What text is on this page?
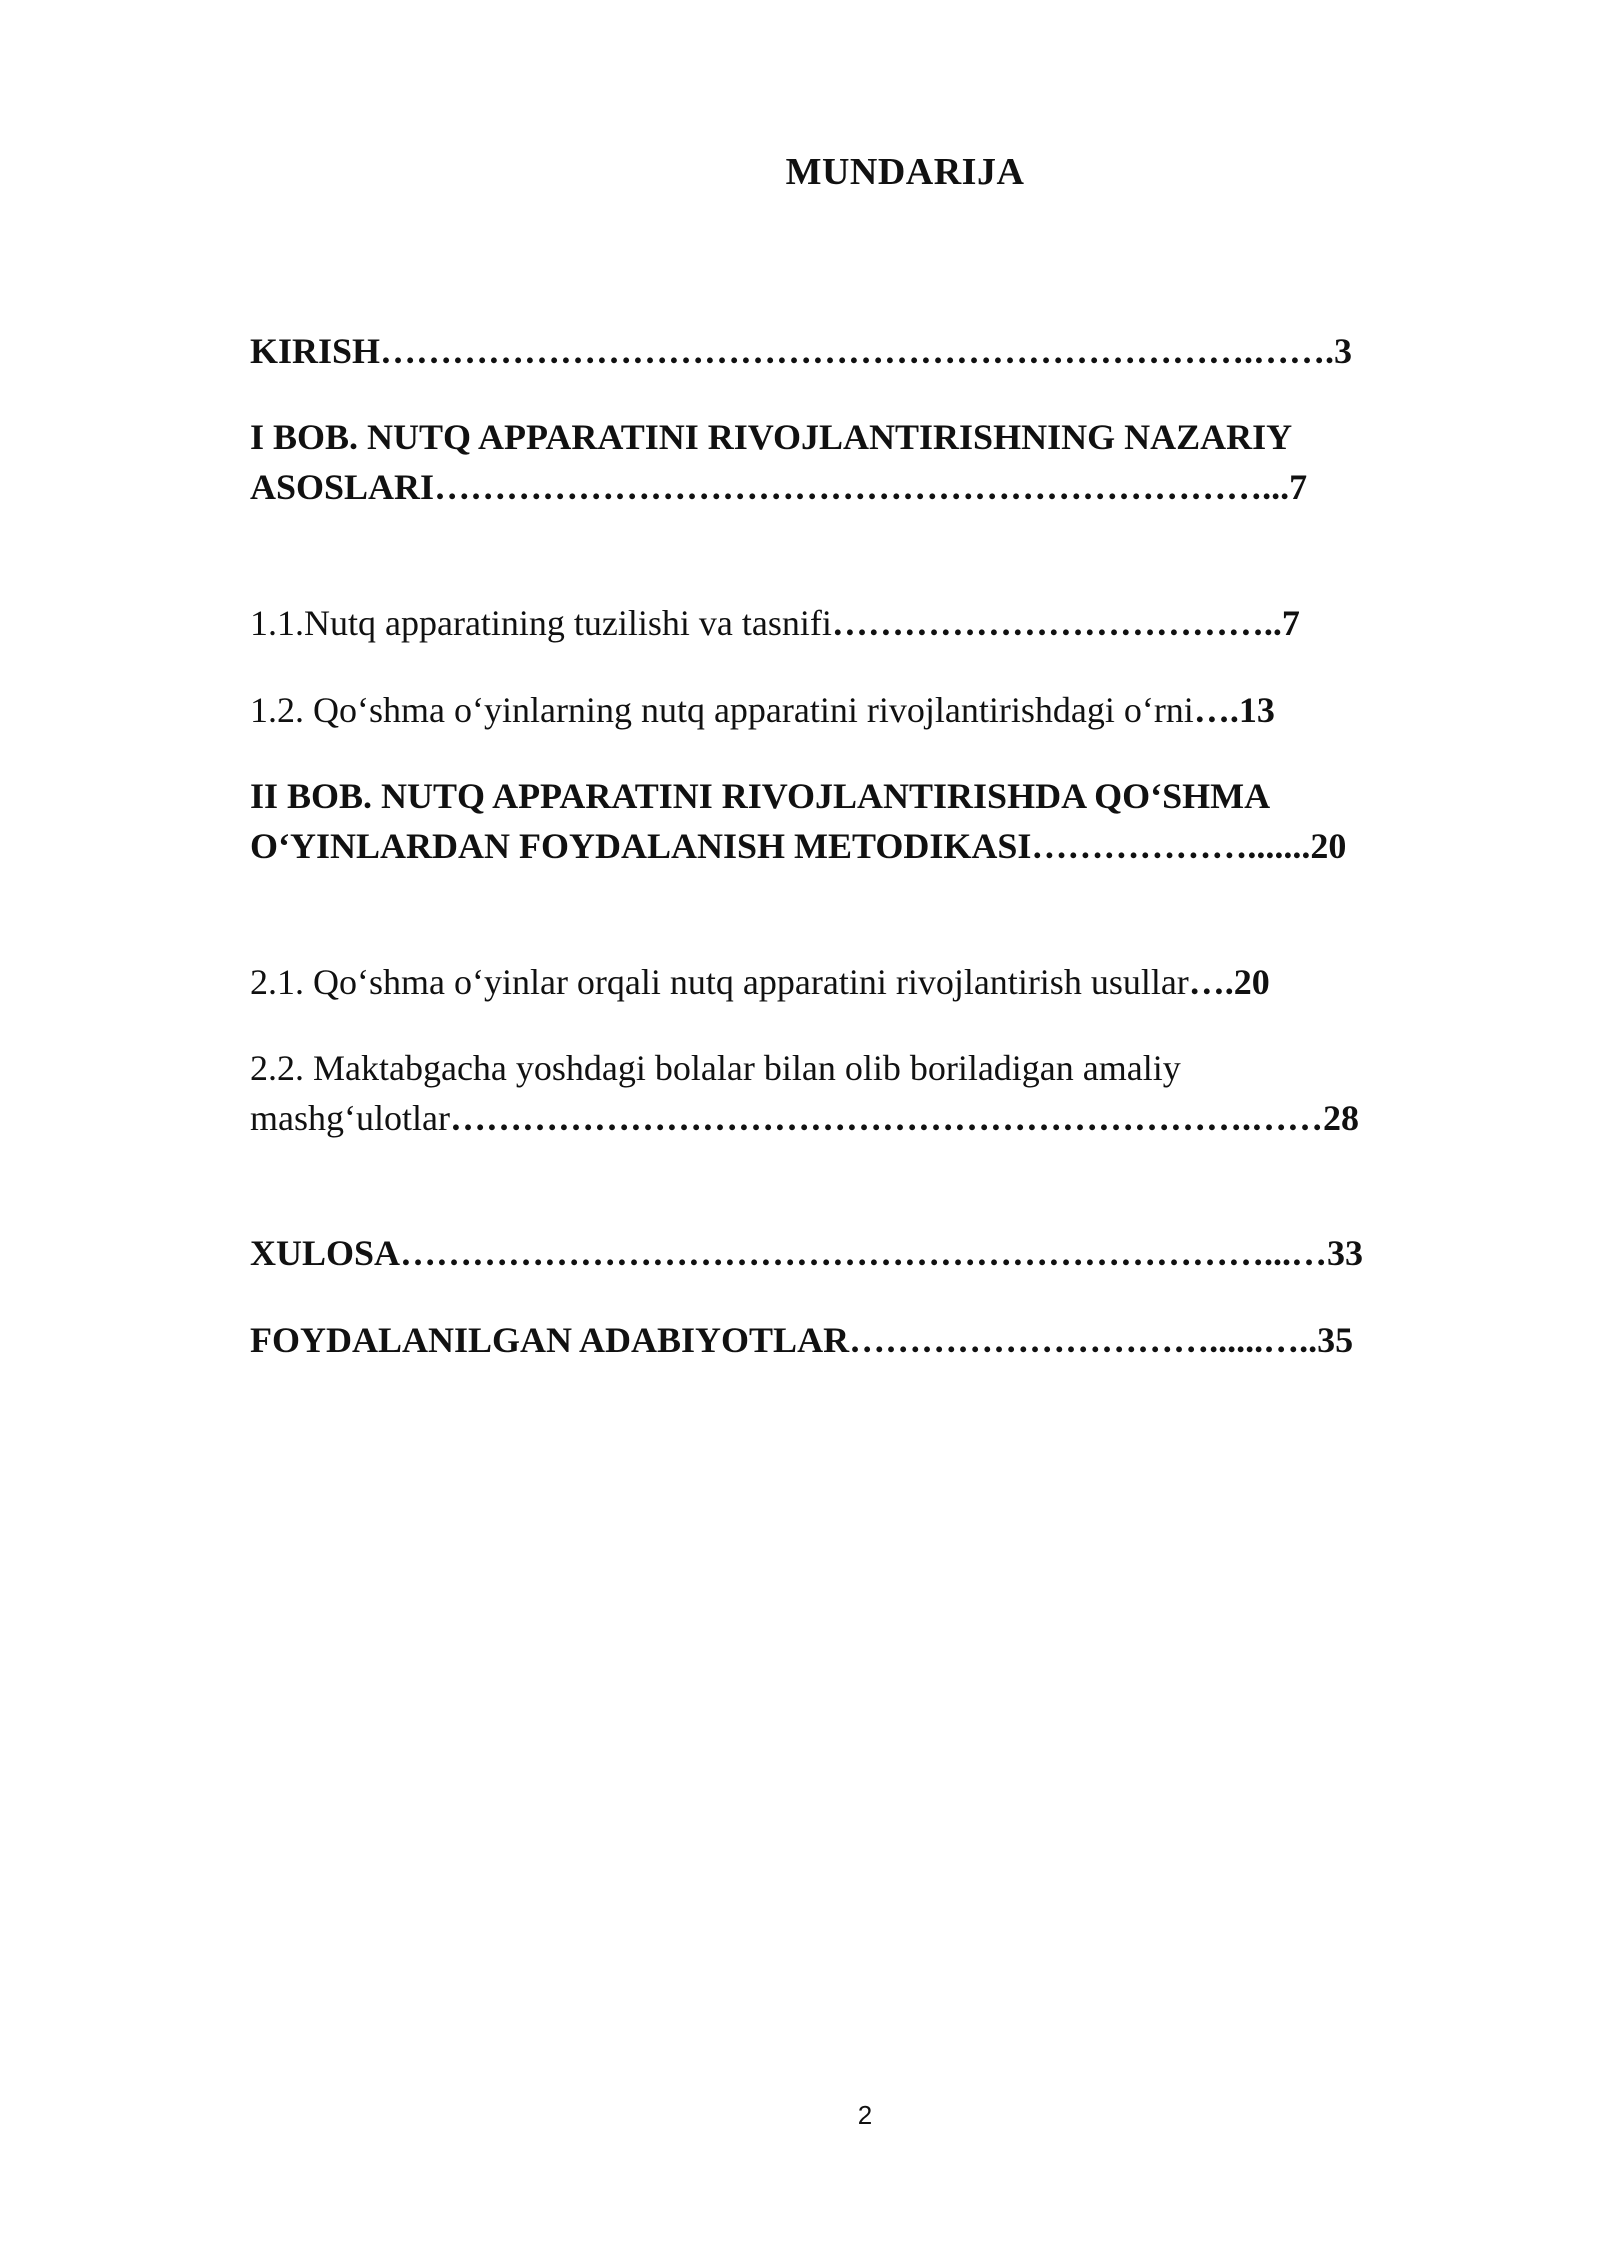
MUNDARIJA
KIRISH……………………………………………………………….…….3
I BOB. NUTQ APPARATINI RIVOJLANTIRISHNING NAZARIY
ASOSLARI……………………………………………………………...7
1.1.Nutq apparatining tuzilishi va tasnifi………………………………..7
1.2. Qo‘shma o‘yinlarning nutq apparatini rivojlantirishdagi o‘rni….13
II BOB. NUTQ APPARATINI RIVOJLANTIRISHDA QO‘SHMA
O‘YINLARDAN FOYDALANISH METODIKASI……………….......20
2.1. Qo‘shma o‘yinlar orqali nutq apparatini rivojlantirish usullar….20
2.2. Maktabgacha yoshdagi bolalar bilan olib boriladigan amaliy
mashg‘ulotlar………………………………………………………….……28
XULOSA………………………………………………………………...…33
FOYDALANILGAN ADABIYOTLAR…………………………......…..35
2
